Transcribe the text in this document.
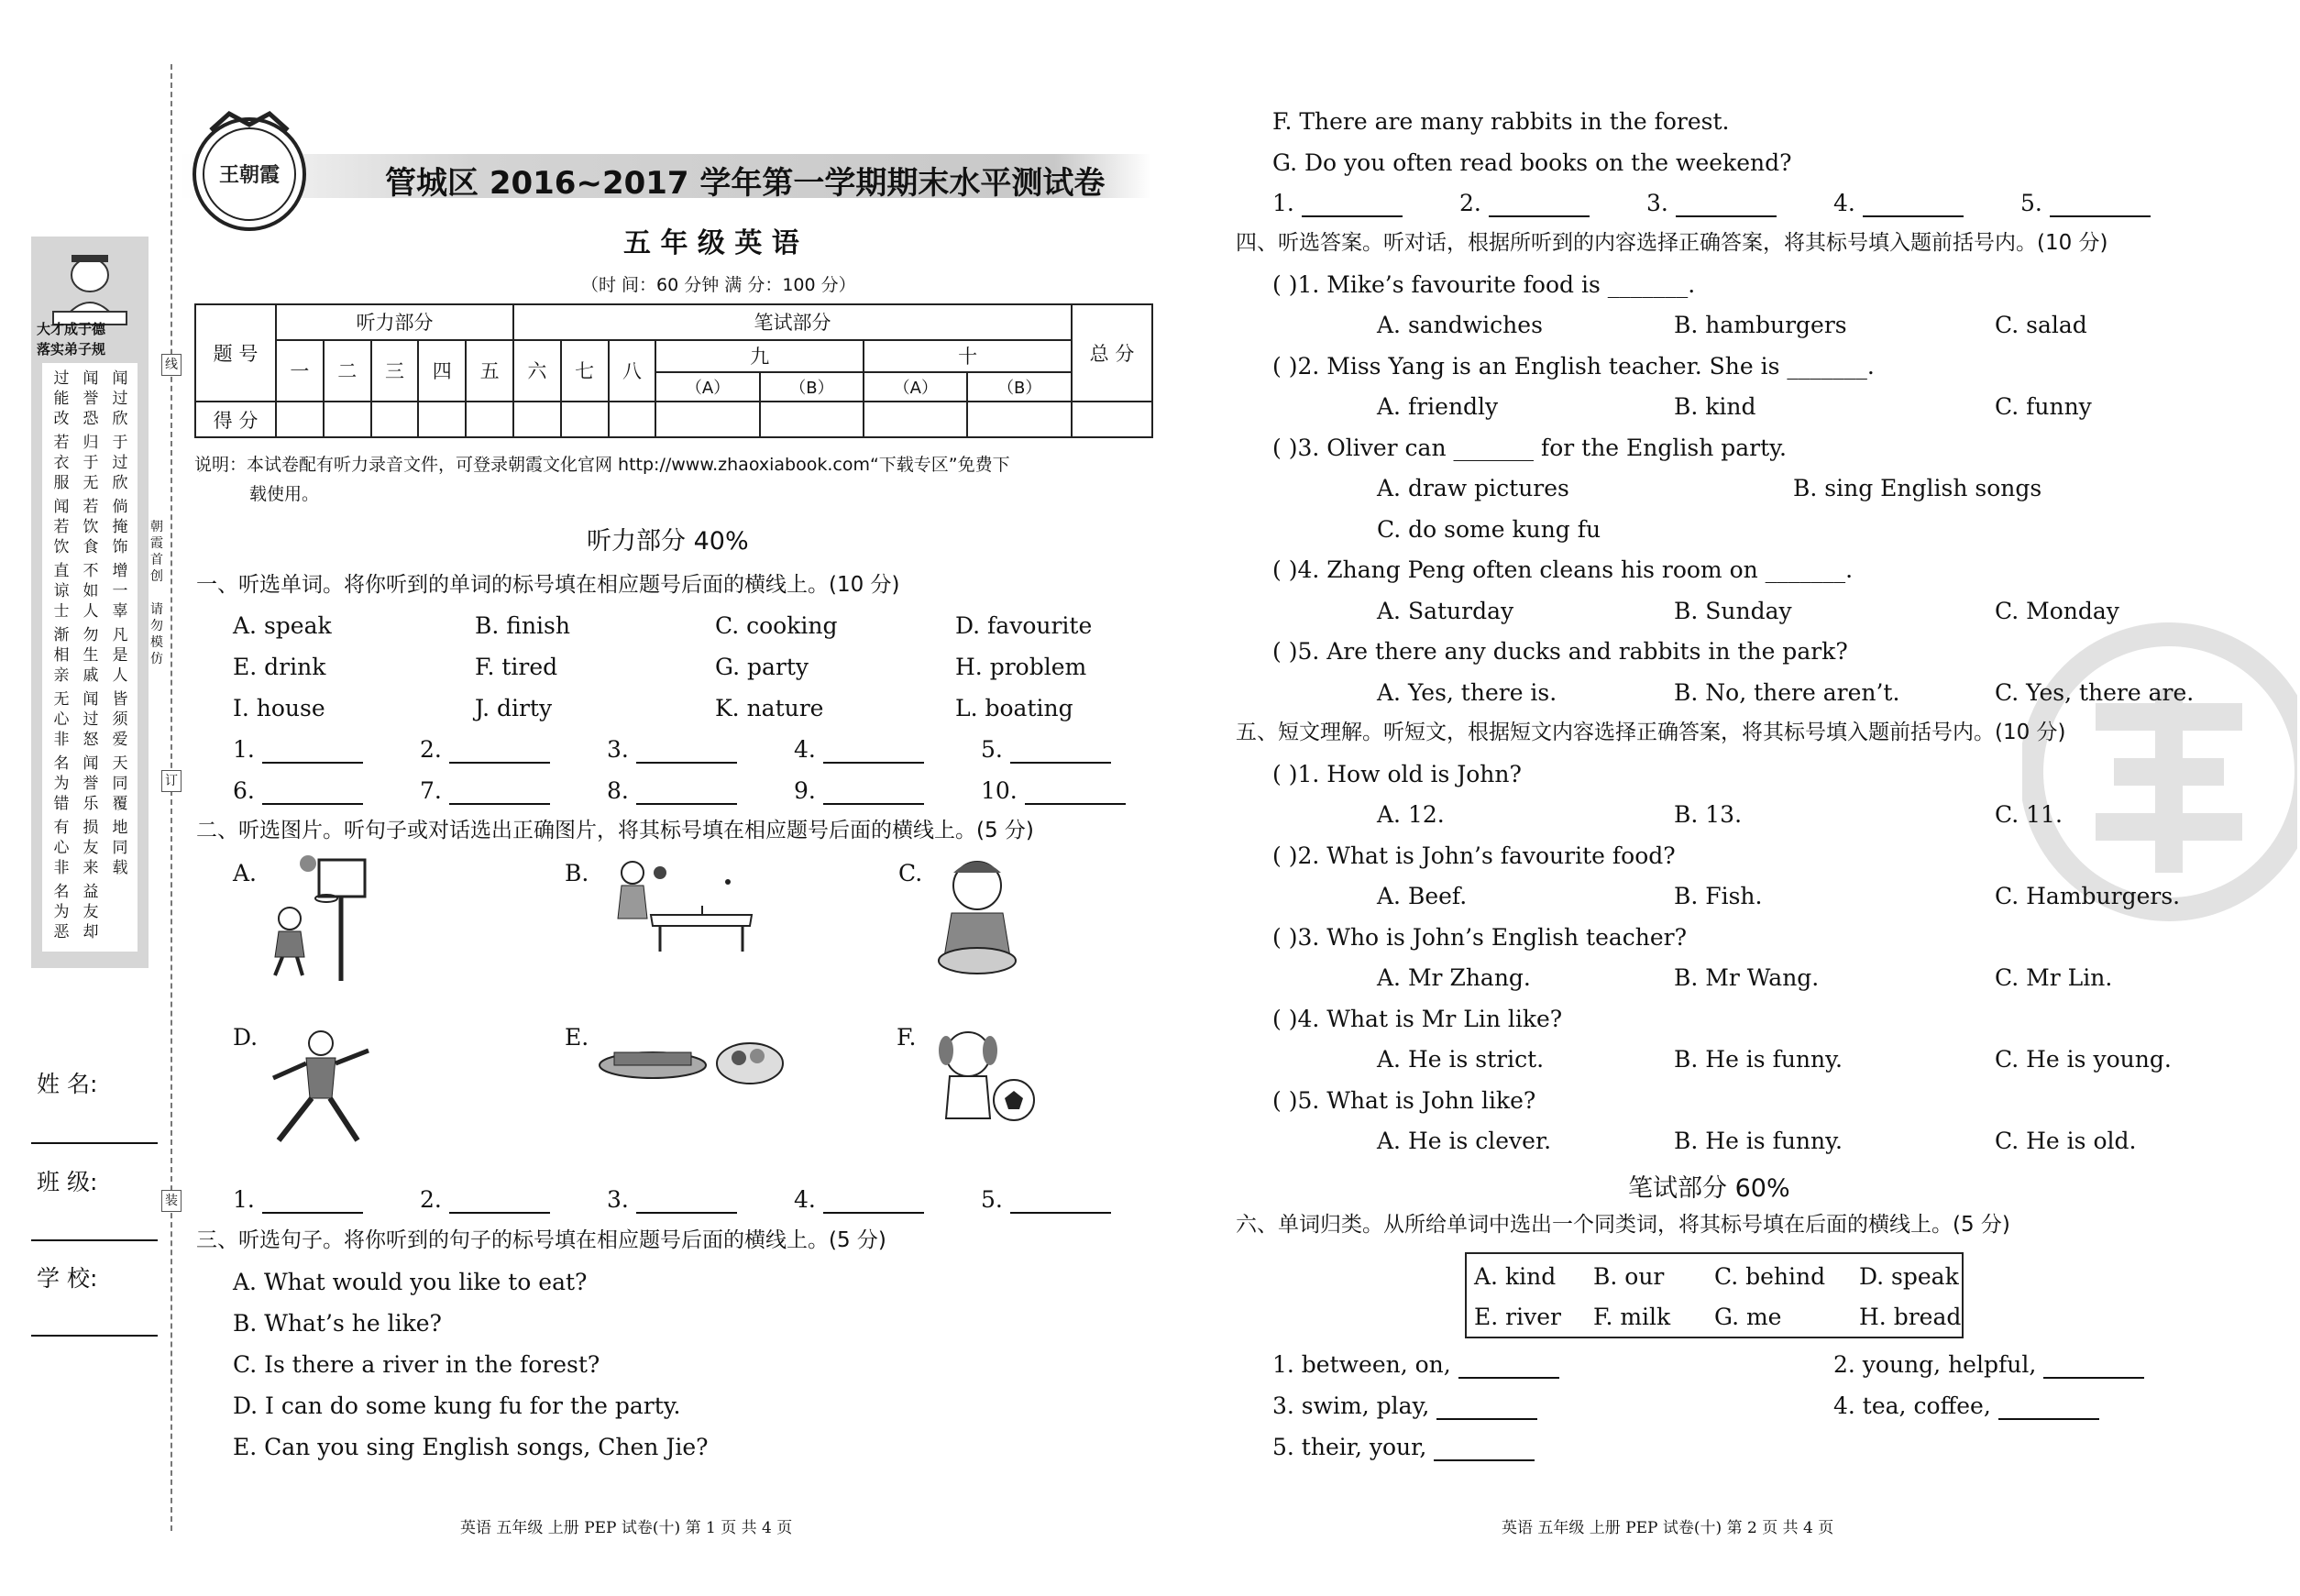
大才成于德
落实弟子规
过
能
改
若
衣
服
闻
若
饮
直
谅
士
渐
相
亲
无
心
非
名
为
错
有
心
非
名
为
恶
闻
誉
恐
归
于
无
若
饮
食
不
如
人
勿
生
戚
闻
过
怒
闻
誉
乐
损
友
来
益
友
却
闻
过
欣
于
过
欣
倘
掩
饰
增
一
辜
凡
是
人
皆
须
爱
天
同
覆
地
同
载
姓 名:
班 级:
学 校:
线
订
装
朝
霞
首
创

请
勿
模
仿
王朝霞	管城区 2016~2017 学年第一学期期末水平测试卷
五 年 级 英 语
（时 间：60 分钟 满 分：100 分）
题 号	听力部分					笔试部分							总 分
	一	二	三	四	五	六	七	八	九		十		
									（A）	（B）	（A）	（B）	
得 分													
说明：本试卷配有听力录音文件，可登录朝霞文化官网 http://www.zhaoxiabook.com“下载专区”免费下
载使用。
听力部分 40%
一、听选单词。将你听到的单词的标号填在相应题号后面的横线上。(10 分)
A. speak	B. finish	C. cooking	D. favourite
E. drink	F. tired	G. party	H. problem
I. house	J. dirty	K. nature	L. boating
1.	2.	3.	4.	5.
6.	7.	8.	9.	10.
二、听选图片。听句子或对话选出正确图片，将其标号填在相应题号后面的横线上。(5 分)
A.	B.	C.
D.	E.	F.
1.	2.	3.	4.	5.
三、听选句子。将你听到的句子的标号填在相应题号后面的横线上。(5 分)
A. What would you like to eat?
B. What’s he like?
C. Is there a river in the forest?
D. I can do some kung fu for the party.
E. Can you sing English songs, Chen Jie?
英语 五年级 上册 PEP 试卷(十) 第 1 页 共 4 页
F. There are many rabbits in the forest.
G. Do you often read books on the weekend?
1.	2.	3.	4.	5.
四、听选答案。听对话，根据所听到的内容选择正确答案，将其标号填入题前括号内。(10 分)
( )1. Mike’s favourite food is _______.
A. sandwiches	B. hamburgers	C. salad
( )2. Miss Yang is an English teacher. She is _______.
A. friendly	B. kind	C. funny
( )3. Oliver can _______ for the English party.
A. draw pictures	B. sing English songs
C. do some kung fu
( )4. Zhang Peng often cleans his room on _______.
A. Saturday	B. Sunday	C. Monday
( )5. Are there any ducks and rabbits in the park?
A. Yes, there is.	B. No, there aren’t.	C. Yes, there are.
五、短文理解。听短文，根据短文内容选择正确答案，将其标号填入题前括号内。(10 分)
( )1. How old is John?
A. 12.	B. 13.	C. 11.
( )2. What is John’s favourite food?
A. Beef.	B. Fish.	C. Hamburgers.
( )3. Who is John’s English teacher?
A. Mr Zhang.	B. Mr Wang.	C. Mr Lin.
( )4. What is Mr Lin like?
A. He is strict.	B. He is funny.	C. He is young.
( )5. What is John like?
A. He is clever.	B. He is funny.	C. He is old.
笔试部分 60%
六、单词归类。从所给单词中选出一个同类词，将其标号填在后面的横线上。(5 分)
A. kind B. our C. behind D. speak
E. river F. milk G. me	H. bread
1. between, on,	2. young, helpful,
3. swim, play,	4. tea, coffee,
5. their, your,
英语 五年级 上册 PEP 试卷(十) 第 2 页 共 4 页
